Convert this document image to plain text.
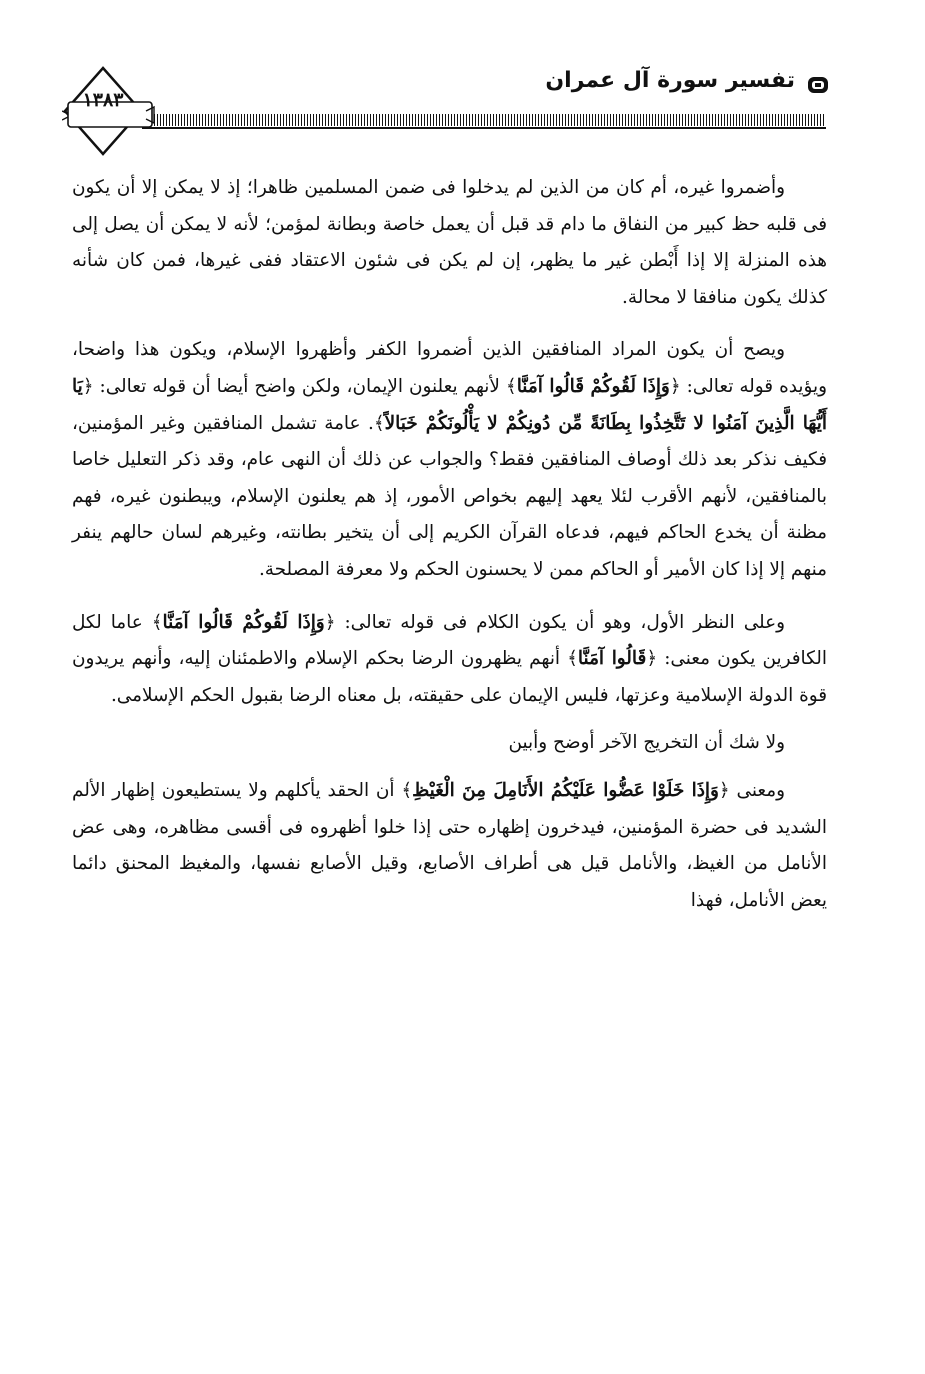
تفسير سورة آل عمران
١٣٨٣

وأضمروا غيره، أم كان من الذين لم يدخلوا فى ضمن المسلمين ظاهرا؛ إذ لا يمكن إلا أن يكون فى قلبه حظ كبير من النفاق ما دام قد قبل أن يعمل خاصة وبطانة لمؤمن؛ لأنه لا يمكن أن يصل إلى هذه المنزلة إلا إذا أَبْطن غير ما يظهر، إن لم يكن فى شئون الاعتقاد ففى غيرها، فمن كان شأنه كذلك يكون منافقا لا محالة.

ويصح أن يكون المراد المنافقين الذين أضمروا الكفر وأظهروا الإسلام، ويكون هذا واضحا، ويؤيده قوله تعالى: ﴿وَإِذَا لَقُوكُمْ قَالُوا آمَنَّا﴾ لأنهم يعلنون الإيمان، ولكن واضح أيضا أن قوله تعالى: ﴿يَا أَيُّهَا الَّذِينَ آمَنُوا لا تَتَّخِذُوا بِطَانَةً مِّن دُونِكُمْ لا يَأْلُونَكُمْ خَبَالاً﴾. عامة تشمل المنافقين وغير المؤمنين، فكيف نذكر بعد ذلك أوصاف المنافقين فقط؟ والجواب عن ذلك أن النهى عام، وقد ذكر التعليل خاصا بالمنافقين، لأنهم الأقرب لئلا يعهد إليهم بخواص الأمور، إذ هم يعلنون الإسلام، ويبطنون غيره، فهم مظنة أن يخدع الحاكم فيهم، فدعاه القرآن الكريم إلى أن يتخير بطانته، وغيرهم لسان حالهم ينفر منهم إلا إذا كان الأمير أو الحاكم ممن لا يحسنون الحكم ولا معرفة المصلحة.

وعلى النظر الأول، وهو أن يكون الكلام فى قوله تعالى: ﴿وَإِذَا لَقُوكُمْ قَالُوا آمَنَّا﴾ عاما لكل الكافرين يكون معنى: ﴿قَالُوا آمَنَّا﴾ أنهم يظهرون الرضا بحكم الإسلام والاطمئنان إليه، وأنهم يريدون قوة الدولة الإسلامية وعزتها، فليس الإيمان على حقيقته، بل معناه الرضا بقبول الحكم الإسلامى.

ولا شك أن التخريج الآخر أوضح وأبين

ومعنى ﴿وَإِذَا خَلَوْا عَضُّوا عَلَيْكُمُ الأَنَامِلَ مِنَ الْغَيْظِ﴾ أن الحقد يأكلهم ولا يستطيعون إظهار الألم الشديد فى حضرة المؤمنين، فيدخرون إظهاره حتى إذا خلوا أظهروه فى أقسى مظاهره، وهى عض الأنامل من الغيظ، والأنامل قيل هى أطراف الأصابع، وقيل الأصابع نفسها، والمغيظ المحنق دائما يعض الأنامل، فهذا
